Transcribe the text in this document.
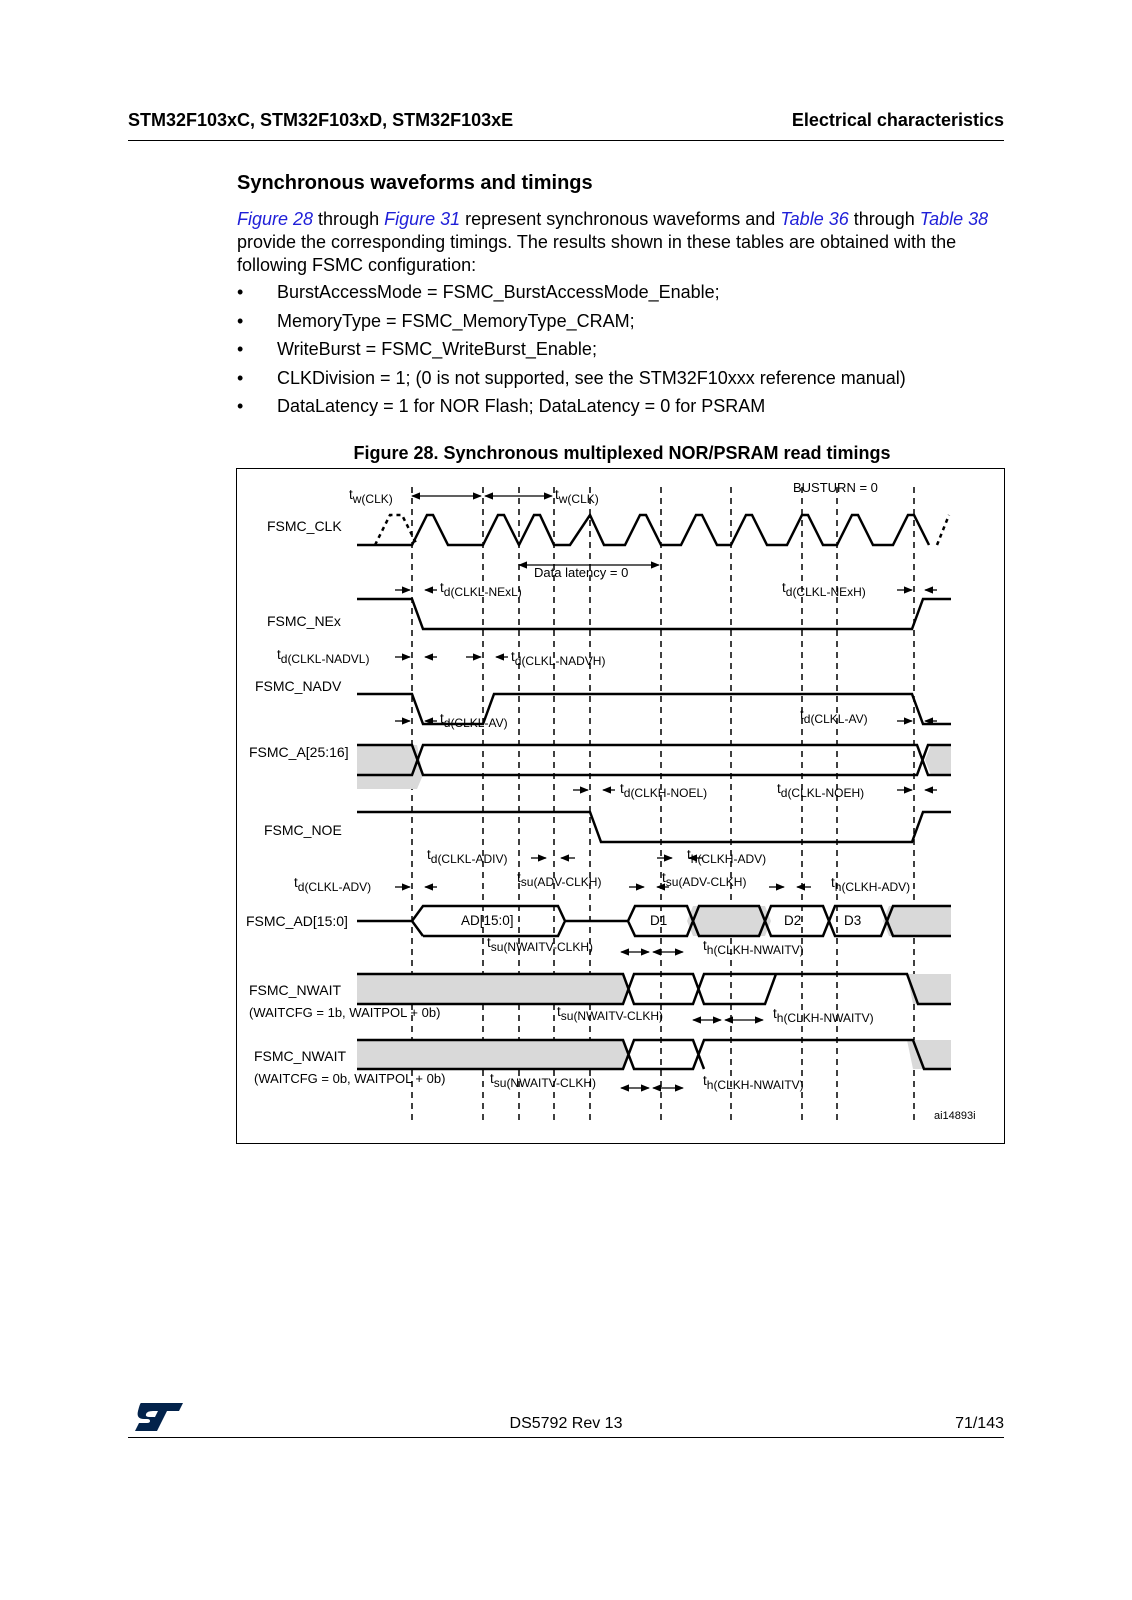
STM32F103xC, STM32F103xD, STM32F103xE	Electrical characteristics
Synchronous waveforms and timings
Figure 28 through Figure 31 represent synchronous waveforms and Table 36 through Table 38 provide the corresponding timings. The results shown in these tables are obtained with the following FSMC configuration:
• BurstAccessMode = FSMC_BurstAccessMode_Enable;
• MemoryType = FSMC_MemoryType_CRAM;
• WriteBurst = FSMC_WriteBurst_Enable;
• CLKDivision = 1; (0 is not supported, see the STM32F10xxx reference manual)
• DataLatency = 1 for NOR Flash; DataLatency = 0 for PSRAM
Figure 28. Synchronous multiplexed NOR/PSRAM read timings
FSMC_CLK
FSMC_NEx
FSMC_NADV
FSMC_A[25:16]
FSMC_NOE
FSMC_AD[15:0]
FSMC_NWAIT
(WAITCFG = 1b, WAITPOL + 0b)
FSMC_NWAIT
(WAITCFG = 0b, WAITPOL + 0b)
BUSTURN = 0
Data latency = 0
AD[15:0]	D1	D2	D3
ai14893i
tw(CLK)	tw(CLK)
td(CLKL-NExL)	td(CLKL-NExH)
td(CLKL-NADVL)	td(CLKL-NADVH)
td(CLKL-AV)
td(CLKL-AV)
td(CLKH-NOEL)	td(CLKL-NOEH)
td(CLKL-ADIV)	th(CLKH-ADV)
td(CLKL-ADV)
tsu(ADV-CLKH)	tsu(ADV-CLKH)	th(CLKH-ADV)
tsu(NWAITV-CLKH)	th(CLKH-NWAITV)
tsu(NWAITV-CLKH)	th(CLKH-NWAITV)
tsu(NWAITV-CLKH)	th(CLKH-NWAITV)
DS5792 Rev 13	71/143
